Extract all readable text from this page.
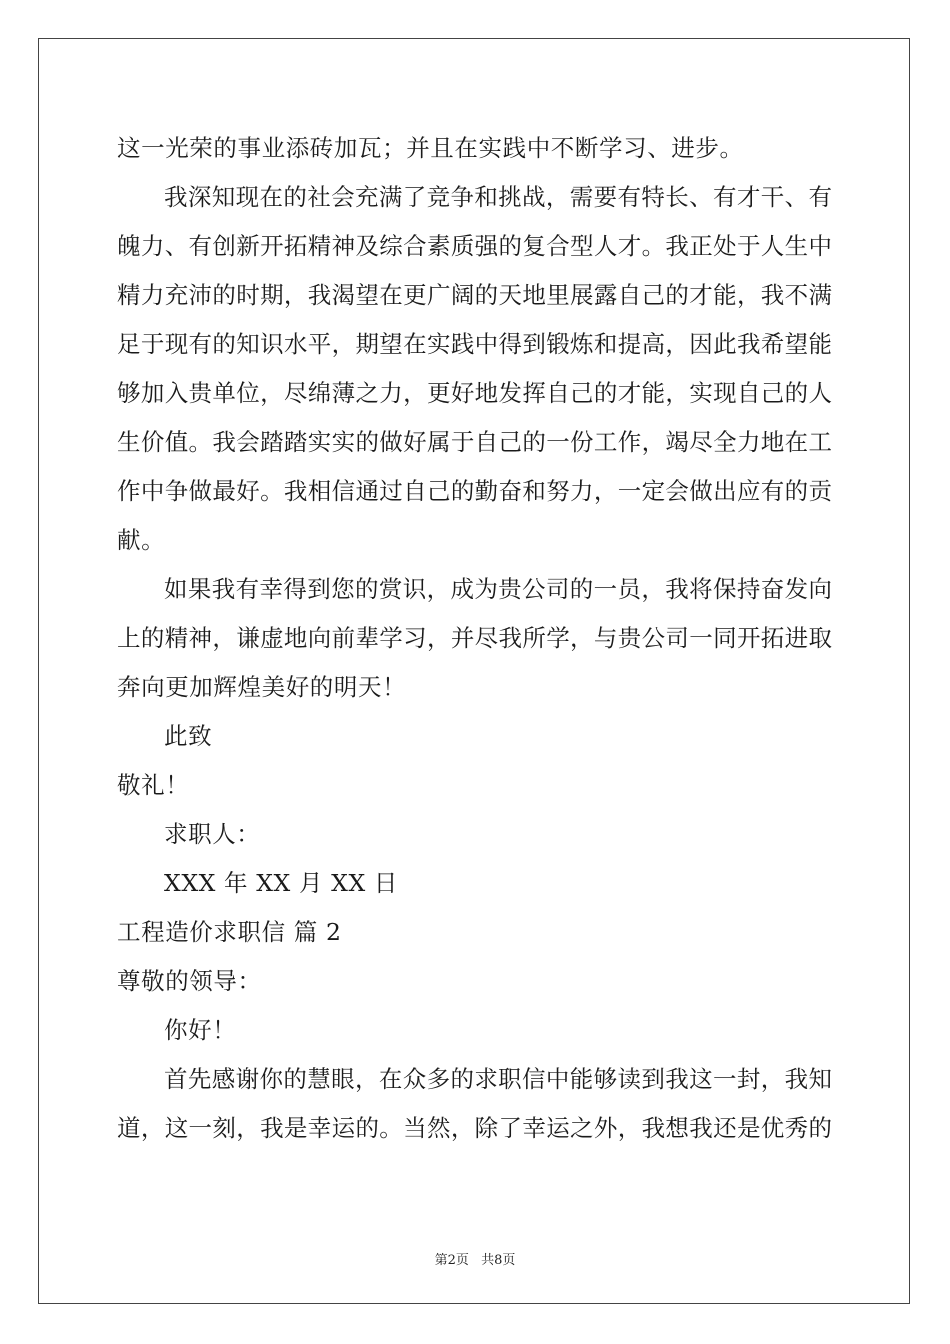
这一光荣的事业添砖加瓦；并且在实践中不断学习、进步。
我深知现在的社会充满了竞争和挑战，需要有特长、有才干、有
魄力、有创新开拓精神及综合素质强的复合型人才。我正处于人生中
精力充沛的时期，我渴望在更广阔的天地里展露自己的才能，我不满
足于现有的知识水平，期望在实践中得到锻炼和提高，因此我希望能
够加入贵单位，尽绵薄之力，更好地发挥自己的才能，实现自己的人
生价值。我会踏踏实实的做好属于自己的一份工作，竭尽全力地在工
作中争做最好。我相信通过自己的勤奋和努力，一定会做出应有的贡
献。
如果我有幸得到您的赏识，成为贵公司的一员，我将保持奋发向
上的精神，谦虚地向前辈学习，并尽我所学，与贵公司一同开拓进取
奔向更加辉煌美好的明天！
此致
敬礼！
求职人：
XXX 年 XX 月 XX 日
工程造价求职信 篇 2
尊敬的领导：
你好！
首先感谢你的慧眼，在众多的求职信中能够读到我这一封，我知
道，这一刻，我是幸运的。当然，除了幸运之外，我想我还是优秀的
第2页 共8页
